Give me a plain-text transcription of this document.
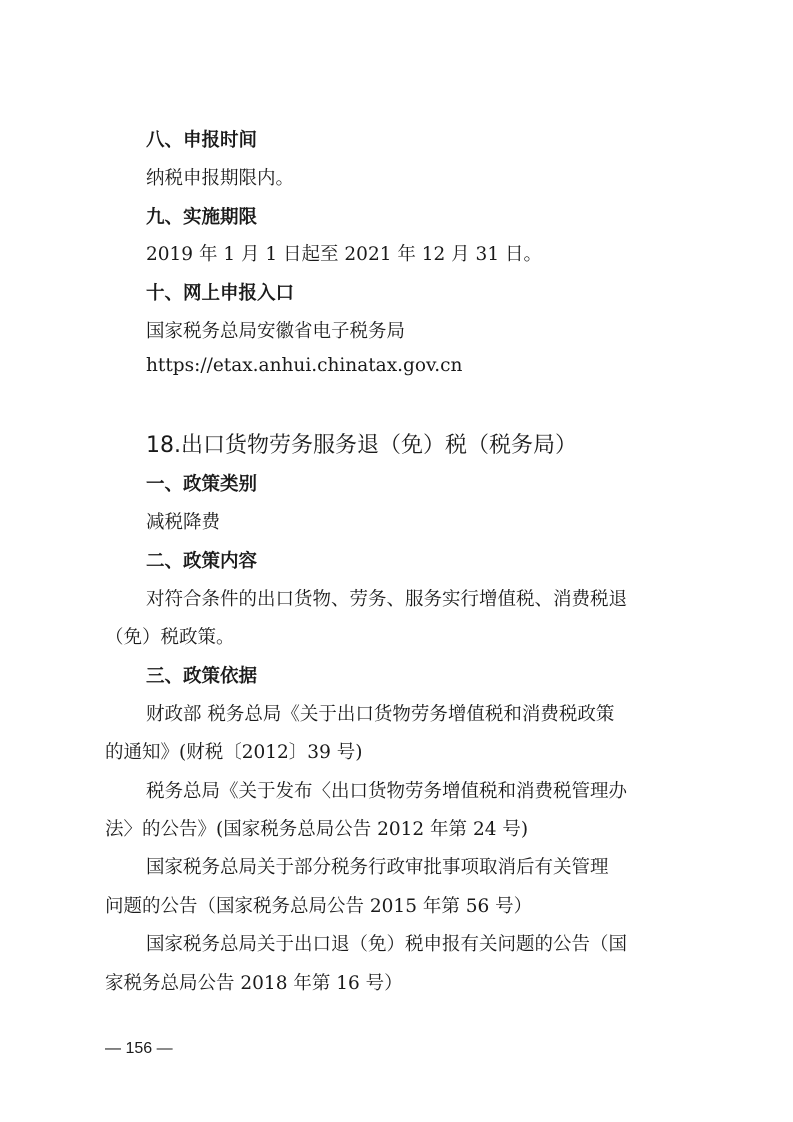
八、申报时间
纳税申报期限内。
九、实施期限
2019 年 1 月 1 日起至 2021 年 12 月 31 日。
十、网上申报入口
国家税务总局安徽省电子税务局
https://etax.anhui.chinatax.gov.cn
18.出口货物劳务服务退（免）税（税务局）
一、政策类别
减税降费
二、政策内容
对符合条件的出口货物、劳务、服务实行增值税、消费税退
（免）税政策。
三、政策依据
财政部 税务总局《关于出口货物劳务增值税和消费税政策
的通知》(财税〔2012〕39 号)
税务总局《关于发布〈出口货物劳务增值税和消费税管理办
法〉的公告》(国家税务总局公告 2012 年第 24 号)
国家税务总局关于部分税务行政审批事项取消后有关管理
问题的公告（国家税务总局公告 2015 年第 56 号）
国家税务总局关于出口退（免）税申报有关问题的公告（国
家税务总局公告 2018 年第 16 号）
— 156 —
